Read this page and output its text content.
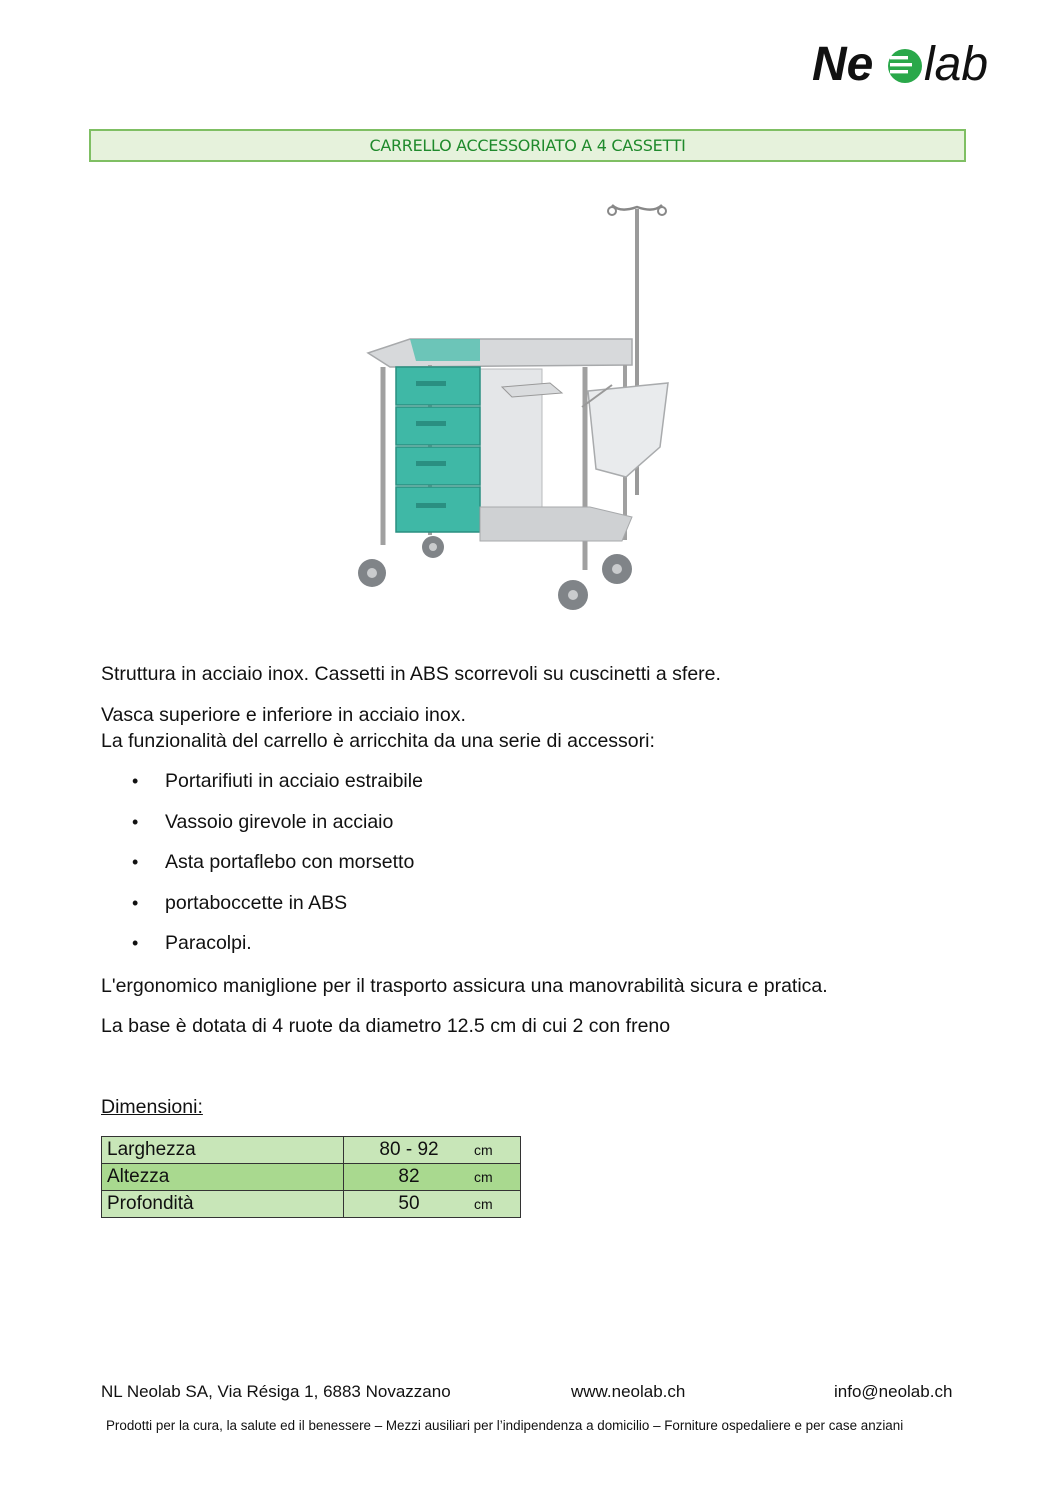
Ne lab
CARRELLO ACCESSORIATO A 4 CASSETTI

Struttura in acciaio inox. Cassetti in ABS scorrevoli su cuscinetti a sfere.

Vasca superiore e inferiore in acciaio inox.

La funzionalità del carrello è arricchita da una serie di accessori:

• Portarifiuti in acciaio estraibile
• Vassoio girevole in acciaio
• Asta portaflebo con morsetto
• portaboccette in ABS
• Paracolpi.

L'ergonomico maniglione per il trasporto assicura una manovrabilità sicura e pratica.

La base è dotata di 4 ruote da diametro 12.5 cm di cui 2 con freno

Dimensioni:
Larghezza	80 - 92	cm
Altezza	82	cm
Profondità	50	cm
NL Neolab SA, Via Résiga 1, 6883 Novazzano	www.neolab.ch	info@neolab.ch
Prodotti per la cura, la salute ed il benessere – Mezzi ausiliari per l’indipendenza a domicilio – Forniture ospedaliere e per case anziani
